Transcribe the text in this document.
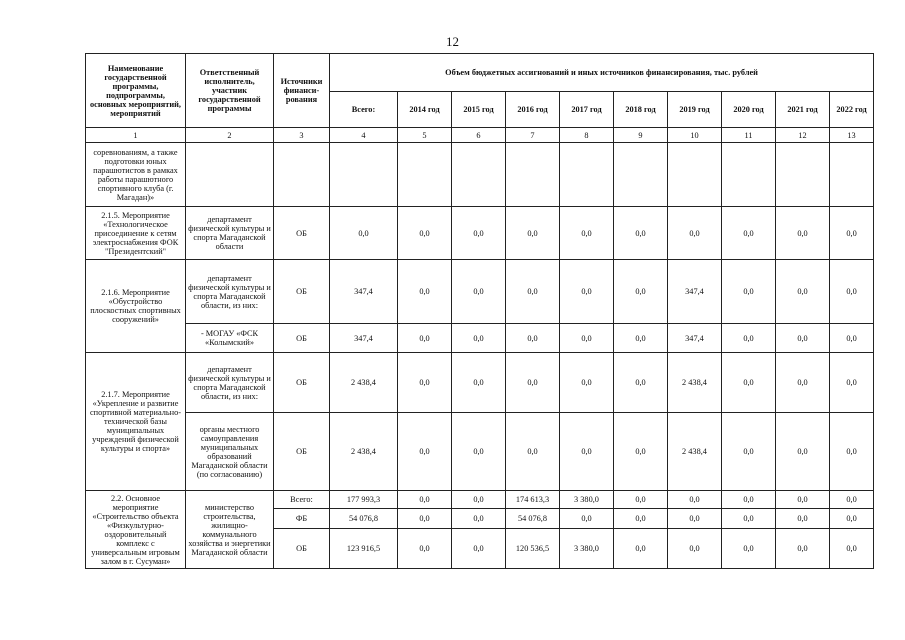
12
Наименование государственной программы, подпрограммы, основных мероприятий, мероприятий	Ответственный исполнитель, участник государственной программы	Источники финанси-рования	Объем бюджетных ассигнований и иных источников финансирования, тыс. рублей									
			Всего:	2014 год	2015 год	2016 год	2017 год	2018 год	2019 год	2020 год	2021 год	2022 год
1	2	3	4	5	6	7	8	9	10	11	12	13
соревнованиям, а также подготовки юных парашютистов в рамках работы парашютного спортивного клуба (г. Магадан)»												
2.1.5. Мероприятие «Технологическое присоединение к сетям электроснабжения ФОК "Президентский"	департамент физической культуры и спорта Магаданской области	ОБ	0,0	0,0	0,0	0,0	0,0	0,0	0,0	0,0	0,0	0,0
2.1.6. Мероприятие «Обустройство плоскостных спортивных сооружений»	департамент физической культуры и спорта Магаданской области, из них:	ОБ	347,4	0,0	0,0	0,0	0,0	0,0	347,4	0,0	0,0	0,0
	- МОГАУ «ФСК «Колымский»	ОБ	347,4	0,0	0,0	0,0	0,0	0,0	347,4	0,0	0,0	0,0
2.1.7. Мероприятие «Укрепление и развитие спортивной материально-технической базы муниципальных учреждений физической культуры и спорта»	департамент физической культуры и спорта Магаданской области, из них:	ОБ	2 438,4	0,0	0,0	0,0	0,0	0,0	2 438,4	0,0	0,0	0,0
	органы местного самоуправления муниципальных образований Магаданской области (по согласованию)	ОБ	2 438,4	0,0	0,0	0,0	0,0	0,0	2 438,4	0,0	0,0	0,0
2.2. Основное мероприятие «Строительство объекта «Физкультурно-оздоровительный комплекс с универсальным игровым залом в г. Сусуман»	министерство строительства, жилищно-коммунального хозяйства и энергетики Магаданской области	Всего:	177 993,3	0,0	0,0	174 613,3	3 380,0	0,0	0,0	0,0	0,0	0,0
		ФБ	54 076,8	0,0	0,0	54 076,8	0,0	0,0	0,0	0,0	0,0	0,0
		ОБ	123 916,5	0,0	0,0	120 536,5	3 380,0	0,0	0,0	0,0	0,0	0,0
